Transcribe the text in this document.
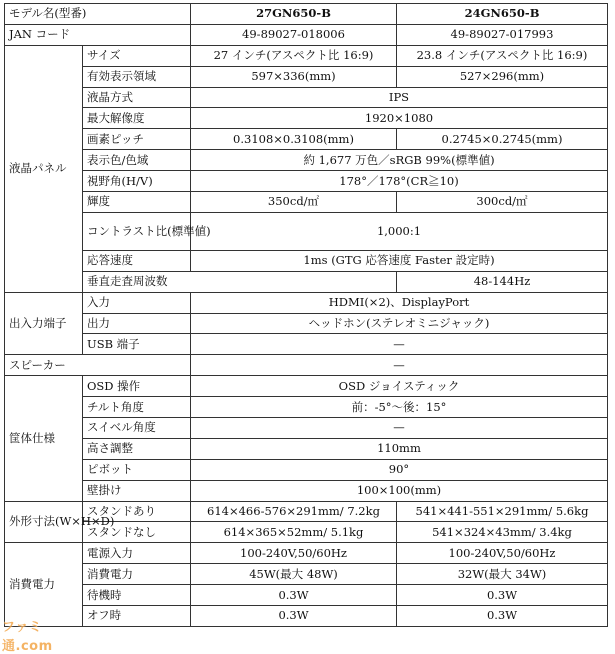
モデル名(型番)		27GN650-B	24GN650-B
JAN コード		49-89027-018006	49-89027-017993
液晶パネル	サイズ	27 インチ(アスペクト比 16:9)	23.8 インチ(アスペクト比 16:9)
	有効表示領域	597×336(mm)	527×296(mm)
	液晶方式	IPS	
	最大解像度	1920×1080	
	画素ピッチ	0.3108×0.3108(mm)	0.2745×0.2745(mm)
	表示色/色域	約 1,677 万色／sRGB 99%(標準値)	
	視野角(H/V)	178°／178°(CR≧10)	
	輝度	350cd/㎡	300cd/㎡
	コントラスト比(標準値)	1,000:1	
	応答速度	1ms (GTG 応答速度 Faster 設定時)	
	垂直走査周波数		48-144Hz
出入力端子	入力	HDMI(×2)、DisplayPort	
	出力	ヘッドホン(ステレオミニジャック)	
	USB 端子	—	
スピーカー		—	
筐体仕様	OSD 操作	OSD ジョイスティック	
	チルト角度	前：-5°～後：15°	
	スイベル角度	—	
	高さ調整	110mm	
	ピボット	90°	
	壁掛け	100×100(mm)	
外形寸法(W×H×D)	スタンドあり	614×466-576×291mm/ 7.2kg	541×441-551×291mm/ 5.6kg
	スタンドなし	614×365×52mm/ 5.1kg	541×324×43mm/ 3.4kg
消費電力	電源入力	100-240V,50/60Hz	100-240V,50/60Hz
	消費電力	45W(最大 48W)	32W(最大 34W)
	待機時	0.3W	0.3W
	オフ時	0.3W	0.3W
ファミ通.com
